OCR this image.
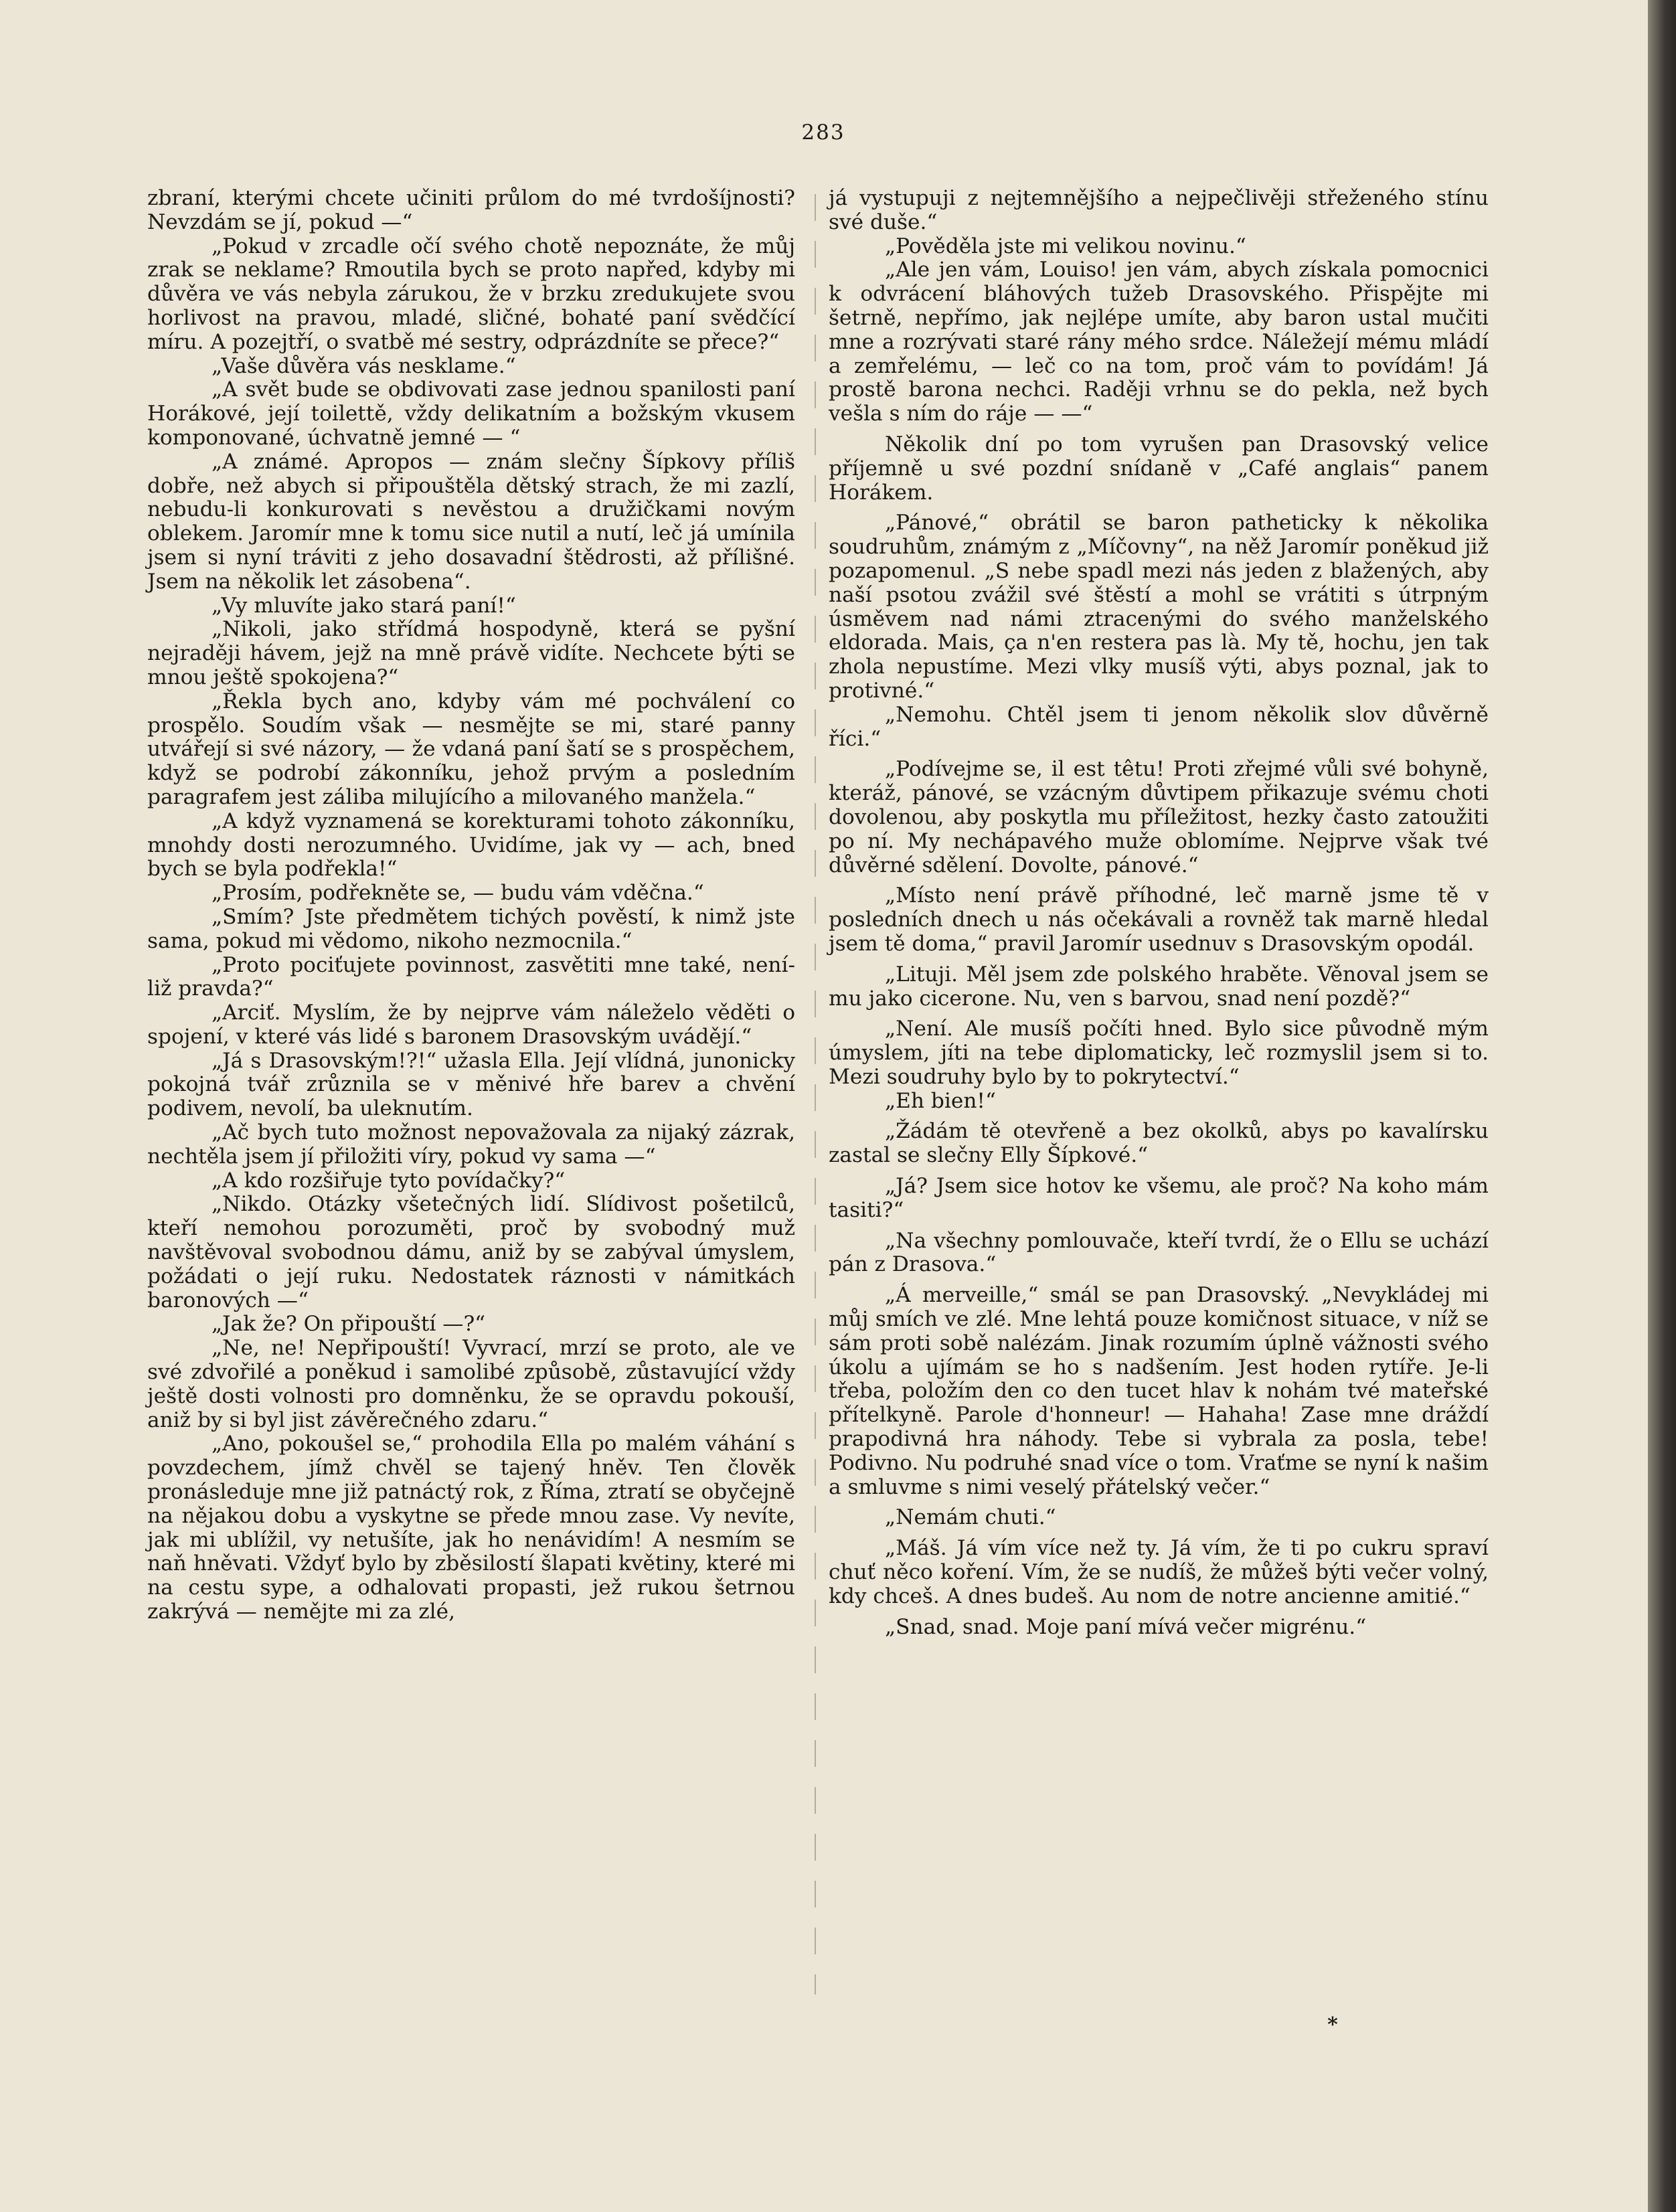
283

zbraní, kterými chcete učiniti průlom do mé tvrdošíjnosti? Nevzdám se jí, pokud —“

„Pokud v zrcadle očí svého chotě nepoznáte, že můj zrak se neklame? Rmoutila bych se proto napřed, kdyby mi důvěra ve vás nebyla zárukou, že v brzku zredukujete svou horlivost na pravou, mladé, sličné, bohaté paní svědčící míru. A pozejtří, o svatbě mé sestry, odprázdníte se přece?“

„Vaše důvěra vás nesklame.“

„A svět bude se obdivovati zase jednou spanilosti paní Horákové, její toilettě, vždy delikatním a božským vkusem komponované, úchvatně jemné — “

„A známé. Apropos — znám slečny Šípkovy příliš dobře, než abych si připouštěla dětský strach, že mi zazlí, nebudu-li konkurovati s nevěstou a družičkami novým oblekem. Jaromír mne k tomu sice nutil a nutí, leč já umínila jsem si nyní tráviti z jeho dosavadní štědrosti, až přílišné. Jsem na několik let zásobena“.

„Vy mluvíte jako stará paní!“

„Nikoli, jako střídmá hospodyně, která se pyšní nejraději hávem, jejž na mně právě vidíte. Nechcete býti se mnou ještě spokojena?“

„Řekla bych ano, kdyby vám mé pochválení co prospělo. Soudím však — nesmějte se mi, staré panny utvářejí si své názory, — že vdaná paní šatí se s prospěchem, když se podrobí zákonníku, jehož prvým a posledním paragrafem jest záliba milujícího a milovaného manžela.“

„A když vyznamená se korekturami tohoto zákonníku, mnohdy dosti nerozumného. Uvidíme, jak vy — ach, bned bych se byla podřekla!“

„Prosím, podřekněte se, — budu vám vděčna.“

„Smím? Jste předmětem tichých pověstí, k nimž jste sama, pokud mi vědomo, nikoho nezmocnila.“

„Proto pociťujete povinnost, zasvětiti mne také, není-liž pravda?“

„Arciť. Myslím, že by nejprve vám náleželo věděti o spojení, v které vás lidé s baronem Drasovským uvádějí.“

„Já s Drasovským!?!“ užasla Ella. Její vlídná, junonicky pokojná tvář zrůznila se v měnivé hře barev a chvění podivem, nevolí, ba uleknutím.

„Ač bych tuto možnost nepovažovala za nijaký zázrak, nechtěla jsem jí přiložiti víry, pokud vy sama —“

„A kdo rozšiřuje tyto povídačky?“

„Nikdo. Otázky všetečných lidí. Slídivost pošetilců, kteří nemohou porozuměti, proč by svobodný muž navštěvoval svobodnou dámu, aniž by se zabýval úmyslem, požádati o její ruku. Nedostatek ráznosti v námitkách baronových —“

„Jak že? On připouští —?“

„Ne, ne! Nepřipouští! Vyvrací, mrzí se proto, ale ve své zdvořilé a poněkud i samolibé způsobě, zůstavující vždy ještě dosti volnosti pro domněnku, že se opravdu pokouší, aniž by si byl jist závěrečného zdaru.“

„Ano, pokoušel se,“ prohodila Ella po malém váhání s povzdechem, jímž chvěl se tajený hněv. Ten člověk pronásleduje mne již patnáctý rok, z Říma, ztratí se obyčejně na nějakou dobu a vyskytne se přede mnou zase. Vy nevíte, jak mi ublížil, vy netušíte, jak ho nenávidím! A nesmím se naň hněvati. Vždyť bylo by zběsilostí šlapati květiny, které mi na cestu sype, a odhalovati propasti, jež rukou šetrnou zakrývá — nemějte mi za zlé,

já vystupuji z nejtemnějšího a nejpečlivěji střeženého stínu své duše.“

„Pověděla jste mi velikou novinu.“

„Ale jen vám, Louiso! jen vám, abych získala pomocnici k odvrácení bláhových tužeb Drasovského. Přispějte mi šetrně, nepřímo, jak nejlépe umíte, aby baron ustal mučiti mne a rozrývati staré rány mého srdce. Náležejí mému mládí a zemřelému, — leč co na tom, proč vám to povídám! Já prostě barona nechci. Raději vrhnu se do pekla, než bych vešla s ním do ráje — —“

Několik dní po tom vyrušen pan Drasovský velice příjemně u své pozdní snídaně v „Café anglais“ panem Horákem.

„Pánové,“ obrátil se baron patheticky k několika soudruhům, známým z „Míčovny“, na něž Jaromír poněkud již pozapomenul. „S nebe spadl mezi nás jeden z blažených, aby naší psotou zvážil své štěstí a mohl se vrátiti s útrpným úsměvem nad námi ztracenými do svého manželského eldorada. Mais, ça n'en restera pas là. My tě, hochu, jen tak zhola nepustíme. Mezi vlky musíš výti, abys poznal, jak to protivné.“

„Nemohu. Chtěl jsem ti jenom několik slov důvěrně říci.“

„Podívejme se, il est têtu! Proti zřejmé vůli své bohyně, kteráž, pánové, se vzácným důvtipem přikazuje svému choti dovolenou, aby poskytla mu příležitost, hezky často zatoužiti po ní. My nechápavého muže oblomíme. Nejprve však tvé důvěrné sdělení. Dovolte, pánové.“

„Místo není právě příhodné, leč marně jsme tě v posledních dnech u nás očekávali a rovněž tak marně hledal jsem tě doma,“ pravil Jaromír usednuv s Drasovským opodál.

„Lituji. Měl jsem zde polského hraběte. Věnoval jsem se mu jako cicerone. Nu, ven s barvou, snad není pozdě?“

„Není. Ale musíš počíti hned. Bylo sice původně mým úmyslem, jíti na tebe diplomaticky, leč rozmyslil jsem si to. Mezi soudruhy bylo by to pokrytectví.“

„Eh bien!“

„Žádám tě otevřeně a bez okolků, abys po kavalírsku zastal se slečny Elly Šípkové.“

„Já? Jsem sice hotov ke všemu, ale proč? Na koho mám tasiti?“

„Na všechny pomlouvače, kteří tvrdí, že o Ellu se uchází pán z Drasova.“

„Á merveille,“ smál se pan Drasovský. „Nevykládej mi můj smích ve zlé. Mne lehtá pouze komičnost situace, v níž se sám proti sobě nalézám. Jinak rozumím úplně vážnosti svého úkolu a ujímám se ho s nadšením. Jest hoden rytíře. Je-li třeba, položím den co den tucet hlav k nohám tvé mateřské přítelkyně. Parole d'honneur! — Hahaha! Zase mne dráždí prapodivná hra náhody. Tebe si vybrala za posla, tebe! Podivno. Nu podruhé snad více o tom. Vraťme se nyní k našim a smluvme s nimi veselý přátelský večer.“

„Nemám chuti.“

„Máš. Já vím více než ty. Já vím, že ti po cukru spraví chuť něco koření. Vím, že se nudíš, že můžeš býti večer volný, kdy chceš. A dnes budeš. Au nom de notre ancienne amitié.“

„Snad, snad. Moje paní mívá večer migrénu.“

*
